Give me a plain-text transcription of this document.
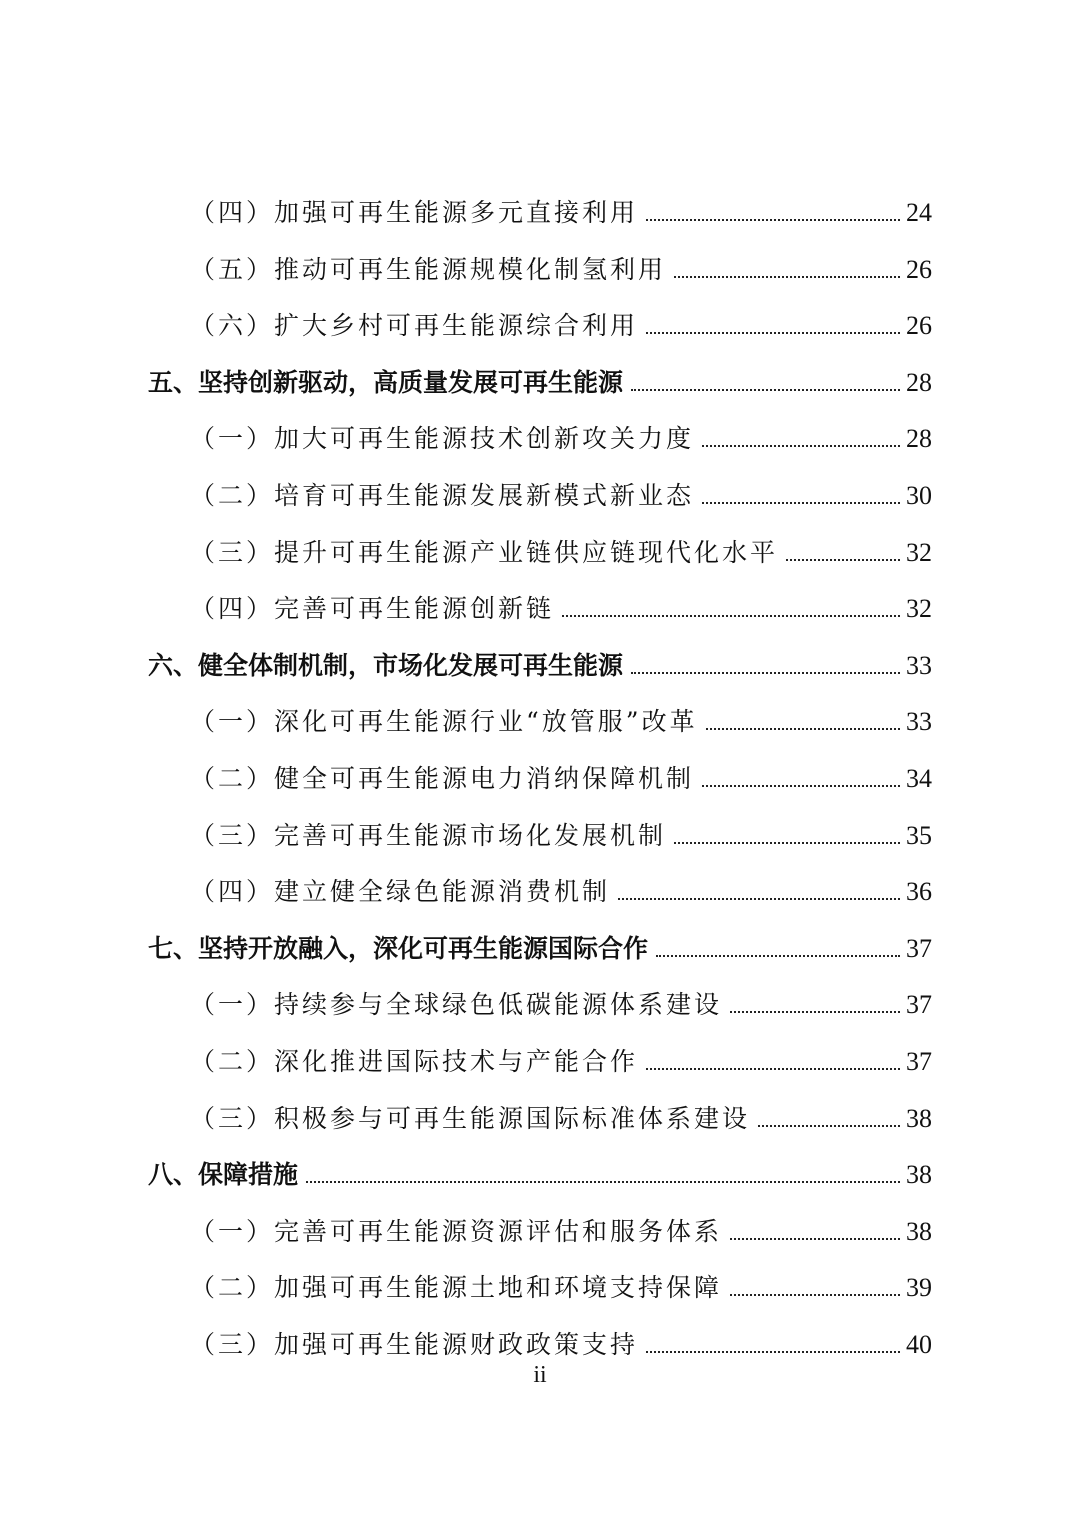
（四）加强可再生能源多元直接利用	24
（五）推动可再生能源规模化制氢利用	26
（六）扩大乡村可再生能源综合利用	26
五、坚持创新驱动，高质量发展可再生能源	28
（一）加大可再生能源技术创新攻关力度	28
（二）培育可再生能源发展新模式新业态	30
（三）提升可再生能源产业链供应链现代化水平	32
（四）完善可再生能源创新链	32
六、健全体制机制，市场化发展可再生能源	33
（一）深化可再生能源行业“放管服”改革	33
（二）健全可再生能源电力消纳保障机制	34
（三）完善可再生能源市场化发展机制	35
（四）建立健全绿色能源消费机制	36
七、坚持开放融入，深化可再生能源国际合作	37
（一）持续参与全球绿色低碳能源体系建设	37
（二）深化推进国际技术与产能合作	37
（三）积极参与可再生能源国际标准体系建设	38
八、保障措施	38
（一）完善可再生能源资源评估和服务体系	38
（二）加强可再生能源土地和环境支持保障	39
（三）加强可再生能源财政政策支持	40
ii
